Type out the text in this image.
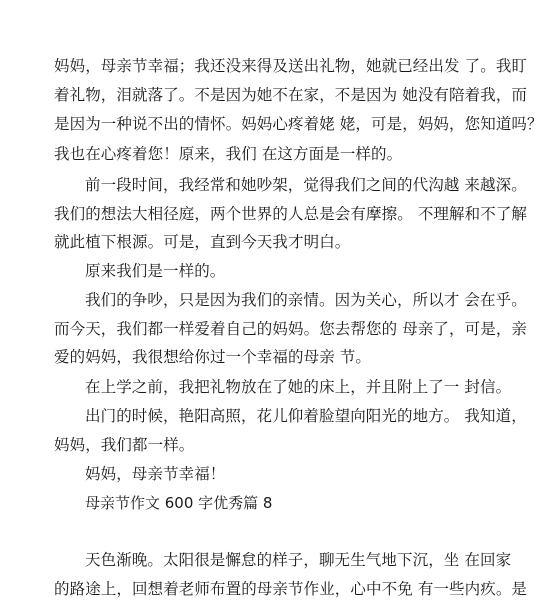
妈妈，母亲节幸福；我还没来得及送出礼物，她就已经出发 了。我盯
着礼物，泪就落了。不是因为她不在家，不是因为 她没有陪着我，而
是因为一种说不出的情怀。妈妈心疼着姥 姥，可是，妈妈，您知道吗？
我也在心疼着您！原来，我们 在这方面是一样的。
前一段时间，我经常和她吵架，觉得我们之间的代沟越 来越深。
我们的想法大相径庭，两个世界的人总是会有摩擦。 不理解和不了解
就此植下根源。可是，直到今天我才明白。
原来我们是一样的。
我们的争吵，只是因为我们的亲情。因为关心，所以才 会在乎。
而今天，我们都一样爱着自己的妈妈。您去帮您的 母亲了，可是，亲
爱的妈妈，我很想给你过一个幸福的母亲 节。
在上学之前，我把礼物放在了她的床上，并且附上了一 封信。
出门的时候，艳阳高照，花儿仰着脸望向阳光的地方。 我知道，
妈妈，我们都一样。
妈妈，母亲节幸福！
母亲节作文 600 字优秀篇 8
天色渐晚。太阳很是懈怠的样子，聊无生气地下沉，坐 在回家
的路途上，回想着老师布置的母亲节作业，心中不免 有一些内疚。是
